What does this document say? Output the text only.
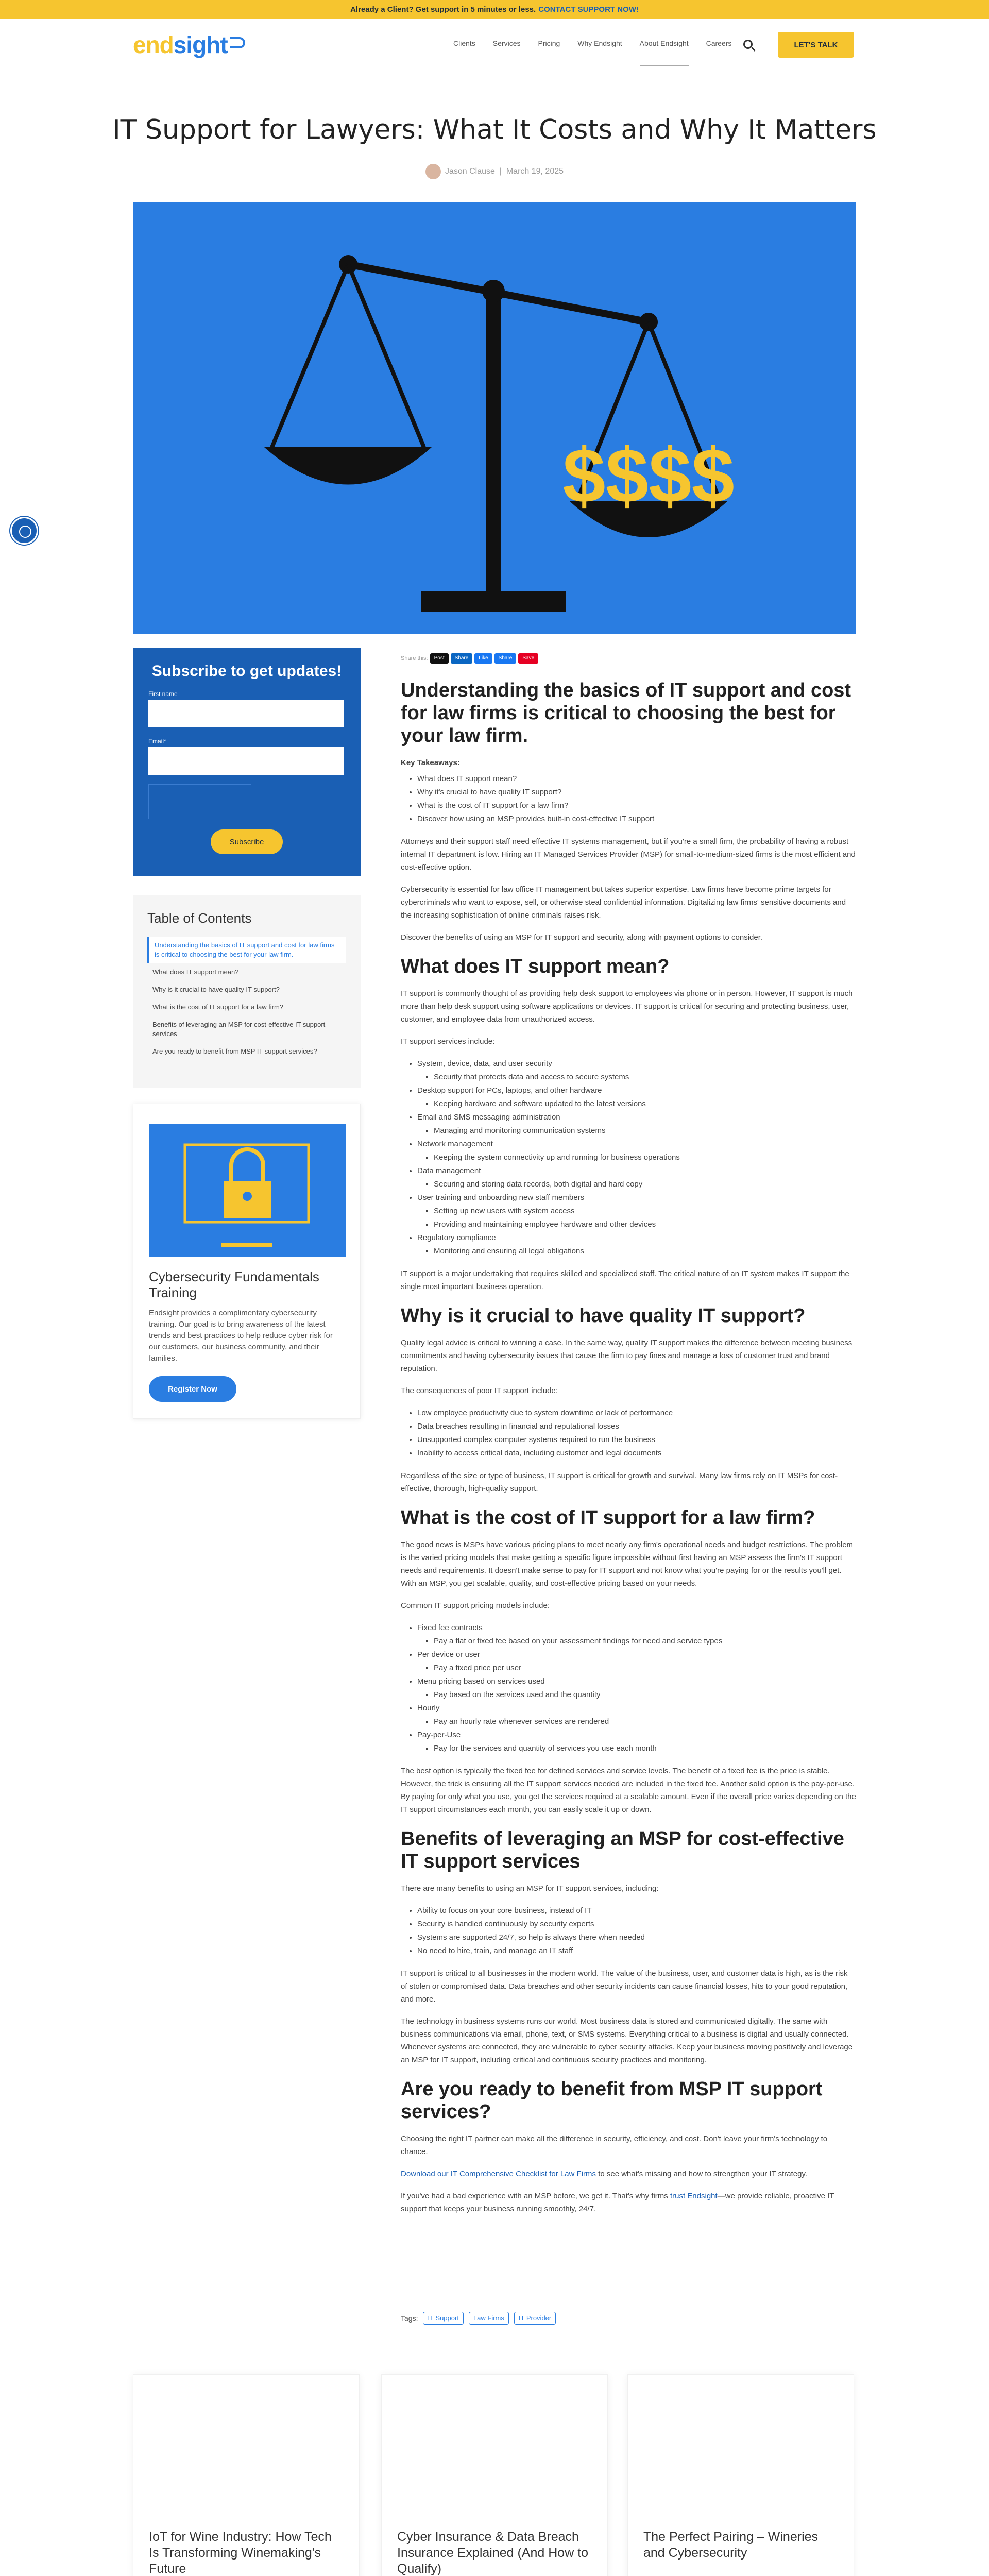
Already a Client? Get support in 5 minutes or less. CONTACT SUPPORT NOW!
endsight	Clients Services Pricing Why Endsight About Endsight Careers	LET'S TALK
IT Support for Lawyers: What It Costs and Why It Matters
Jason Clause  |  March 19, 2025
$$$$
Subscribe to get updates!
First name
Email*
Subscribe
Table of Contents
Understanding the basics of IT support and cost for law firms is critical to choosing the best for your law firm.
What does IT support mean?
Why is it crucial to have quality IT support?
What is the cost of IT support for a law firm?
Benefits of leveraging an MSP for cost-effective IT support services
Are you ready to benefit from MSP IT support services?
Cybersecurity Fundamentals Training

Endsight provides a complimentary cybersecurity training. Our goal is to bring awareness of the latest trends and best practices to help reduce cyber risk for our customers, our business community, and their families.

Register Now
Share this:	Post	Share	Like	Share	Save
Understanding the basics of IT support and cost for law firms is critical to choosing the best for your law firm.

Key Takeaways:

• What does IT support mean?
• Why it's crucial to have quality IT support?
• What is the cost of IT support for a law firm?
• Discover how using an MSP provides built-in cost-effective IT support

Attorneys and their support staff need effective IT systems management, but if you're a small firm, the probability of having a robust internal IT department is low. Hiring an IT Managed Services Provider (MSP) for small-to-medium-sized firms is the most efficient and cost-effective option.

Cybersecurity is essential for law office IT management but takes superior expertise. Law firms have become prime targets for cybercriminals who want to expose, sell, or otherwise steal confidential information. Digitalizing law firms' sensitive documents and the increasing sophistication of online criminals raises risk.

Discover the benefits of using an MSP for IT support and security, along with payment options to consider.

What does IT support mean?

IT support is commonly thought of as providing help desk support to employees via phone or in person. However, IT support is much more than help desk support using software applications or devices. IT support is critical for securing and protecting business, user, customer, and employee data from unauthorized access.

IT support services include:

• System, device, data, and user security
▪ Security that protects data and access to secure systems
• Desktop support for PCs, laptops, and other hardware
▪ Keeping hardware and software updated to the latest versions
• Email and SMS messaging administration
▪ Managing and monitoring communication systems
• Network management
▪ Keeping the system connectivity up and running for business operations
• Data management
▪ Securing and storing data records, both digital and hard copy
• User training and onboarding new staff members
▪ Setting up new users with system access
▪ Providing and maintaining employee hardware and other devices
• Regulatory compliance
▪ Monitoring and ensuring all legal obligations

IT support is a major undertaking that requires skilled and specialized staff. The critical nature of an IT system makes IT support the single most important business operation.

Why is it crucial to have quality IT support?

Quality legal advice is critical to winning a case. In the same way, quality IT support makes the difference between meeting business commitments and having cybersecurity issues that cause the firm to pay fines and manage a loss of customer trust and brand reputation.

The consequences of poor IT support include:

• Low employee productivity due to system downtime or lack of performance
• Data breaches resulting in financial and reputational losses
• Unsupported complex computer systems required to run the business
• Inability to access critical data, including customer and legal documents

Regardless of the size or type of business, IT support is critical for growth and survival. Many law firms rely on IT MSPs for cost-effective, thorough, high-quality support.

What is the cost of IT support for a law firm?

The good news is MSPs have various pricing plans to meet nearly any firm's operational needs and budget restrictions. The problem is the varied pricing models that make getting a specific figure impossible without first having an MSP assess the firm's IT support needs and requirements. It doesn't make sense to pay for IT support and not know what you're paying for or the results you'll get. With an MSP, you get scalable, quality, and cost-effective pricing based on your needs.

Common IT support pricing models include:

• Fixed fee contracts
▪ Pay a flat or fixed fee based on your assessment findings for need and service types
• Per device or user
▪ Pay a fixed price per user
• Menu pricing based on services used
▪ Pay based on the services used and the quantity
• Hourly
▪ Pay an hourly rate whenever services are rendered
• Pay-per-Use
▪ Pay for the services and quantity of services you use each month

The best option is typically the fixed fee for defined services and service levels. The benefit of a fixed fee is the price is stable. However, the trick is ensuring all the IT support services needed are included in the fixed fee. Another solid option is the pay-per-use. By paying for only what you use, you get the services required at a scalable amount. Even if the overall price varies depending on the IT support circumstances each month, you can easily scale it up or down.

Benefits of leveraging an MSP for cost-effective IT support services

There are many benefits to using an MSP for IT support services, including:

• Ability to focus on your core business, instead of IT
• Security is handled continuously by security experts
• Systems are supported 24/7, so help is always there when needed
• No need to hire, train, and manage an IT staff

IT support is critical to all businesses in the modern world. The value of the business, user, and customer data is high, as is the risk of stolen or compromised data. Data breaches and other security incidents can cause financial losses, hits to your good reputation, and more.

The technology in business systems runs our world. Most business data is stored and communicated digitally. The same with business communications via email, phone, text, or SMS systems. Everything critical to a business is digital and usually connected. Whenever systems are connected, they are vulnerable to cyber security attacks. Keep your business moving positively and leverage an MSP for IT support, including critical and continuous security practices and monitoring.

Are you ready to benefit from MSP IT support services?

Choosing the right IT partner can make all the difference in security, efficiency, and cost. Don't leave your firm's technology to chance.

Download our IT Comprehensive Checklist for Law Firms to see what's missing and how to strengthen your IT strategy.

If you've had a bad experience with an MSP before, we get it. That's why firms trust Endsight—we provide reliable, proactive IT support that keeps your business running smoothly, 24/7.

Tags:	IT Support	Law Firms	IT Provider
IoT for Wine Industry: How Tech Is Transforming Winemaking's Future

Cyber Insurance & Data Breach Insurance Explained (And How to Qualify)

The Perfect Pairing – Wineries and Cybersecurity
